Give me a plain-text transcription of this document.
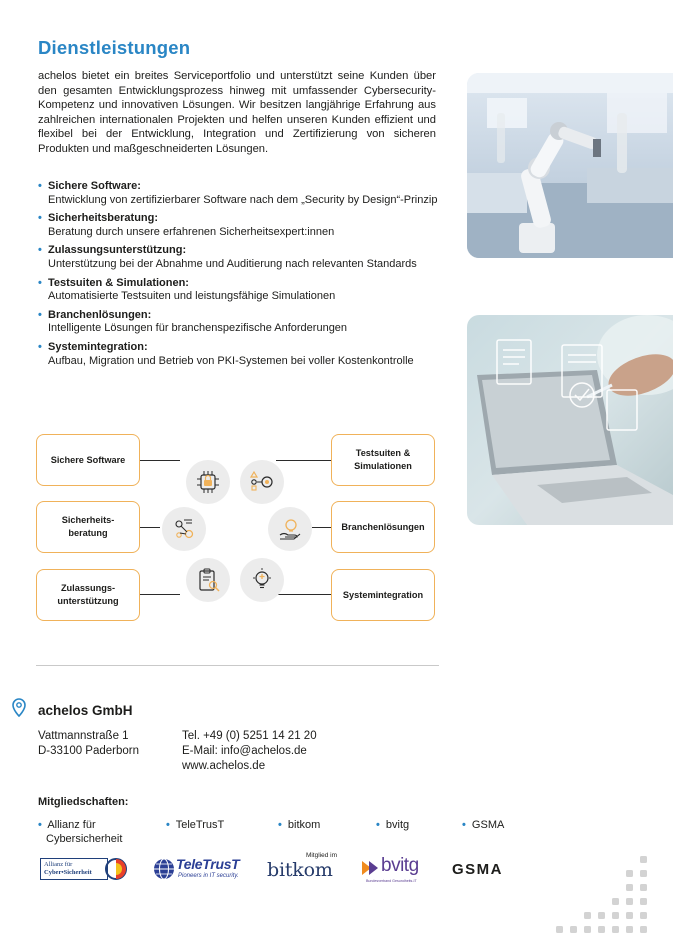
Dienstleistungen

achelos bietet ein breites Serviceportfolio und unterstützt seine Kunden über den gesamten Entwicklungsprozess hinweg mit umfassender Cybersecurity-Kompetenz und innovativen Lösungen. Wir besitzen langjährige Erfahrung aus zahlreichen internationalen Projekten und helfen unseren Kunden effizient und flexibel bei der Entwicklung, Integration und Zertifizierung von sicheren Produkten und maßgeschneiderten Lösungen.

• Sichere Software:
Entwicklung von zertifizierbarer Software nach dem „Security by Design“-Prinzip
• Sicherheitsberatung:
Beratung durch unsere erfahrenen Sicherheitsexpert:innen
• Zulassungsunterstützung:
Unterstützung bei der Abnahme und Auditierung nach relevanten Standards
• Testsuiten & Simulationen:
Automatisierte Testsuiten und leistungsfähige Simulationen
• Branchenlösungen:
Intelligente Lösungen für branchenspezifische Anforderungen
• Systemintegration:
Aufbau, Migration und Betrieb von PKI-Systemen bei voller Kostenkontrolle
Sichere Software
Sicherheits-
beratung
Zulassungs-
unterstützung
Testsuiten &
Simulationen
Branchenlösungen
Systemintegration
achelos GmbH
Vattmannstraße 1
D-33100 Paderborn
Tel. +49 (0) 5251 14 21 20
E-Mail: info@achelos.de
www.achelos.de
Mitgliedschaften:
• Allianz für
Cybersicherheit
• TeleTrusT	• bitkom	• bvitg	• GSMA
Allianz für
Cyber•Sicherheit
TeleTrusT
Pioneers in IT security.
Mitglied im
bitkom	bvitg
Bundesverband Gesundheits-IT
GSMA
